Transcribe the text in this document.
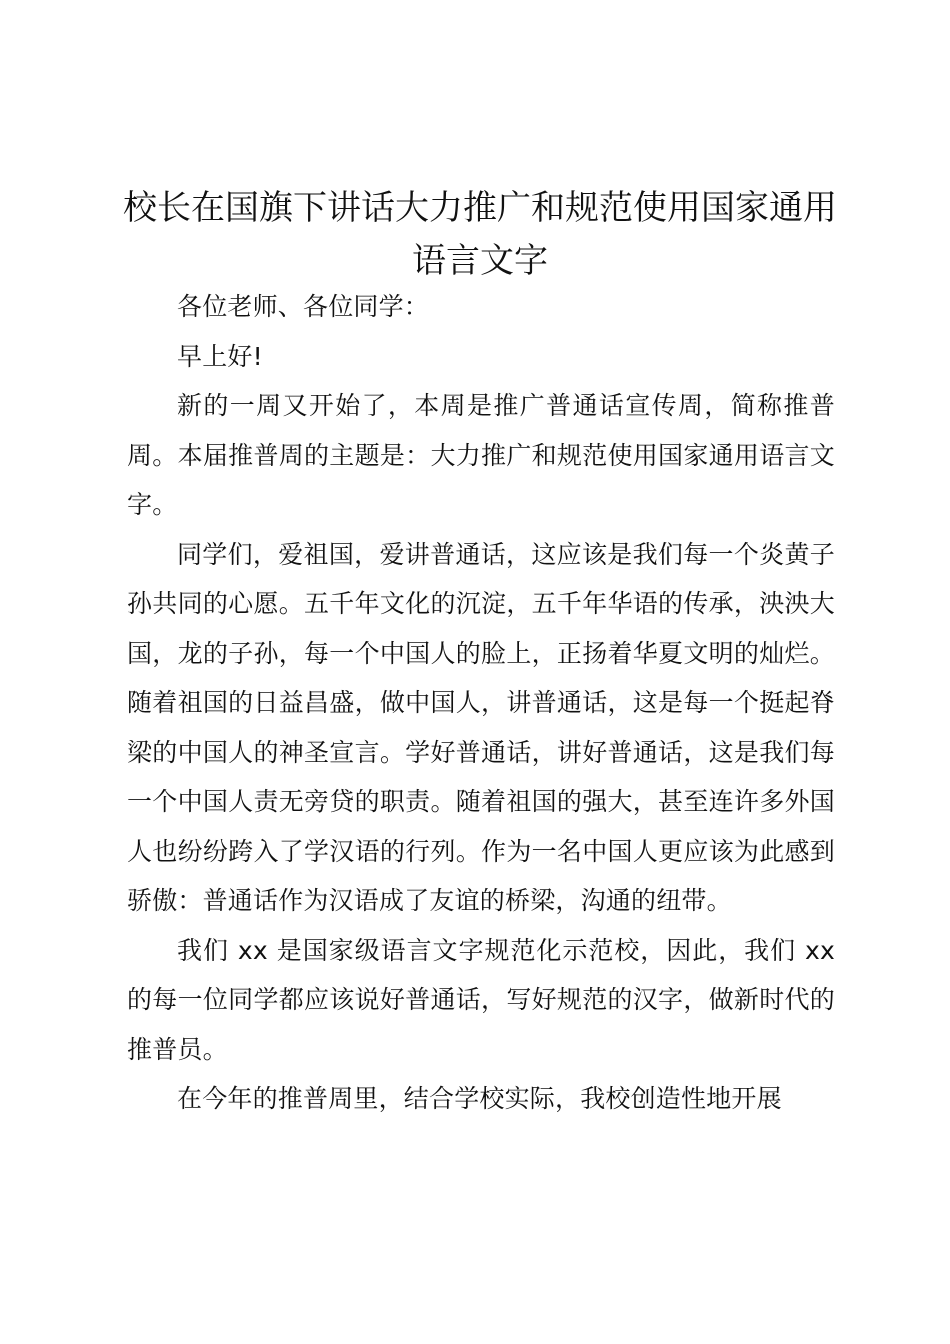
校长在国旗下讲话大力推广和规范使用国家通用语言文字

各位老师、各位同学：

早上好!

新的一周又开始了，本周是推广普通话宣传周，简称推普周。本届推普周的主题是：大力推广和规范使用国家通用语言文字。

同学们，爱祖国，爱讲普通话，这应该是我们每一个炎黄子孙共同的心愿。五千年文化的沉淀，五千年华语的传承，泱泱大国，龙的子孙，每一个中国人的脸上，正扬着华夏文明的灿烂。随着祖国的日益昌盛，做中国人，讲普通话，这是每一个挺起脊梁的中国人的神圣宣言。学好普通话，讲好普通话，这是我们每一个中国人责无旁贷的职责。随着祖国的强大，甚至连许多外国人也纷纷跨入了学汉语的行列。作为一名中国人更应该为此感到骄傲：普通话作为汉语成了友谊的桥梁，沟通的纽带。

我们 xx 是国家级语言文字规范化示范校，因此，我们 xx 的每一位同学都应该说好普通话，写好规范的汉字，做新时代的推普员。

在今年的推普周里，结合学校实际，我校创造性地开展
